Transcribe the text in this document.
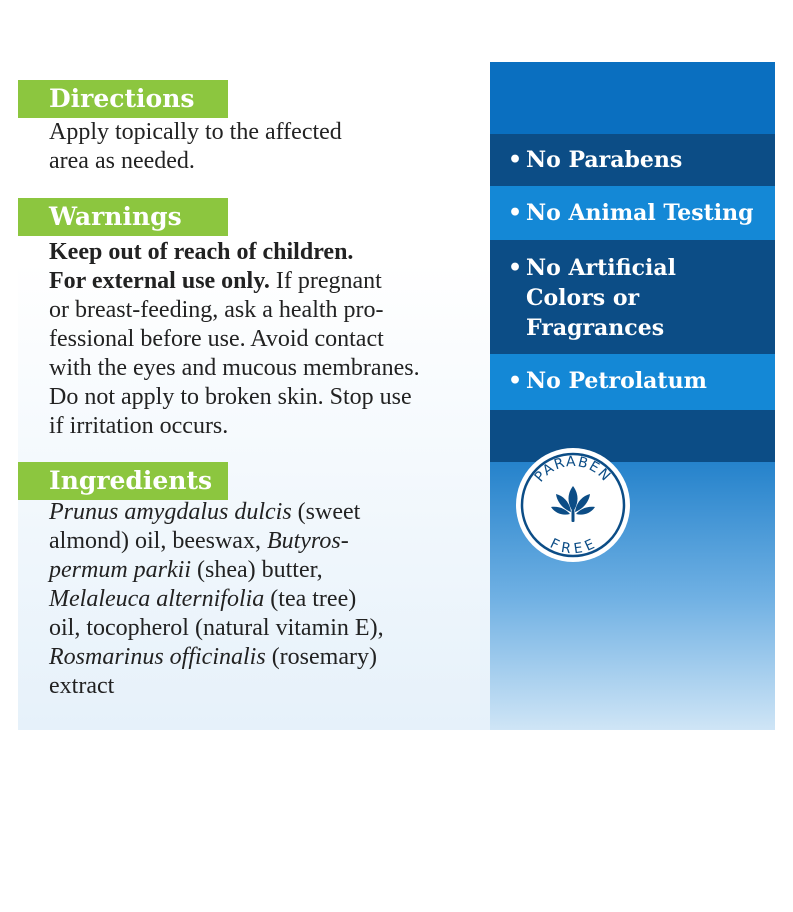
Directions
Apply topically to the affected
area as needed.
Warnings
Keep out of reach of children.
For external use only. If pregnant
or breast-feeding, ask a health pro-
fessional before use. Avoid contact
with the eyes and mucous membranes.
Do not apply to broken skin. Stop use
if irritation occurs.
Ingredients
Prunus amygdalus dulcis (sweet
almond) oil, beeswax, Butyros-
permum parkii (shea) butter,
Melaleuca alternifolia (tea tree)
oil, tocopherol (natural vitamin E),
Rosmarinus officinalis (rosemary)
extract
• No Parabens
• No Animal Testing
• No Artificial
Colors or
Fragrances
• No Petrolatum
PARABEN
FREE
